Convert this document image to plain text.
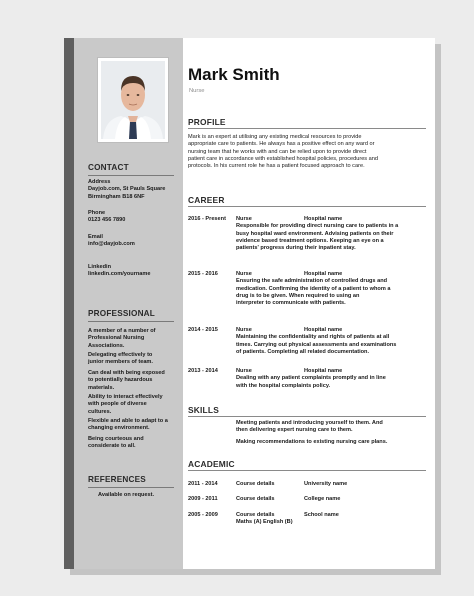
CONTACT
Address
Dayjob.com, St Pauls Square
Birmingham B18 6NF
Phone
0123 456 7890
Email
info@dayjob.com
Linkedin
linkedin.com/yourname
PROFESSIONAL
A member of a number of
Professional Nursing
Associations.
Delegating effectively to
junior members of team.
Can deal with being exposed
to potentially hazardous
materials.
Ability to interact effectively
with people of diverse
cultures.
Flexible and able to adapt to a
changing environment.
Being courteous and
considerate to all.
REFERENCES
Available on request.
Mark Smith
Nurse
PROFILE
Mark is an expert at utilising any existing medical resources to provide
appropriate care to patients. He always has a positive effect on any ward or
nursing team that he works with and can be relied upon to provide direct
patient care in accordance with established hospital policies, procedures and
protocols. In his current role he has a patient focused approach to care.
CAREER
2016 - Present Nurse	Hospital name
Responsible for providing direct nursing care to patients in a
busy hospital ward environment. Advising patients on their
evidence based treatment options. Keeping an eye on a
patients' progress during their inpatient stay.
2015 - 2016	Nurse	Hospital name
Ensuring the safe administration of controlled drugs and
medication. Confirming the identity of a patient to whom a
drug is to be given. When required to using an
interpreter to communicate with patients.
2014 - 2015	Nurse	Hospital name
Maintaining the confidentiality and rights of patients at all
times. Carrying out physical assessments and examinations
of patients. Completing all related documentation.
2013 - 2014	Nurse	Hospital name
Dealing with any patient complaints promptly and in line
with the hospital complaints policy.
SKILLS
Meeting patients and introducing yourself to them. And
then delivering expert nursing care to them.
Making recommendations to existing nursing care plans.
ACADEMIC
2011 - 2014	Course details	University name
2009 - 2011	Course details	College name
2005 - 2009	Course details	School name
Maths (A) English (B)
